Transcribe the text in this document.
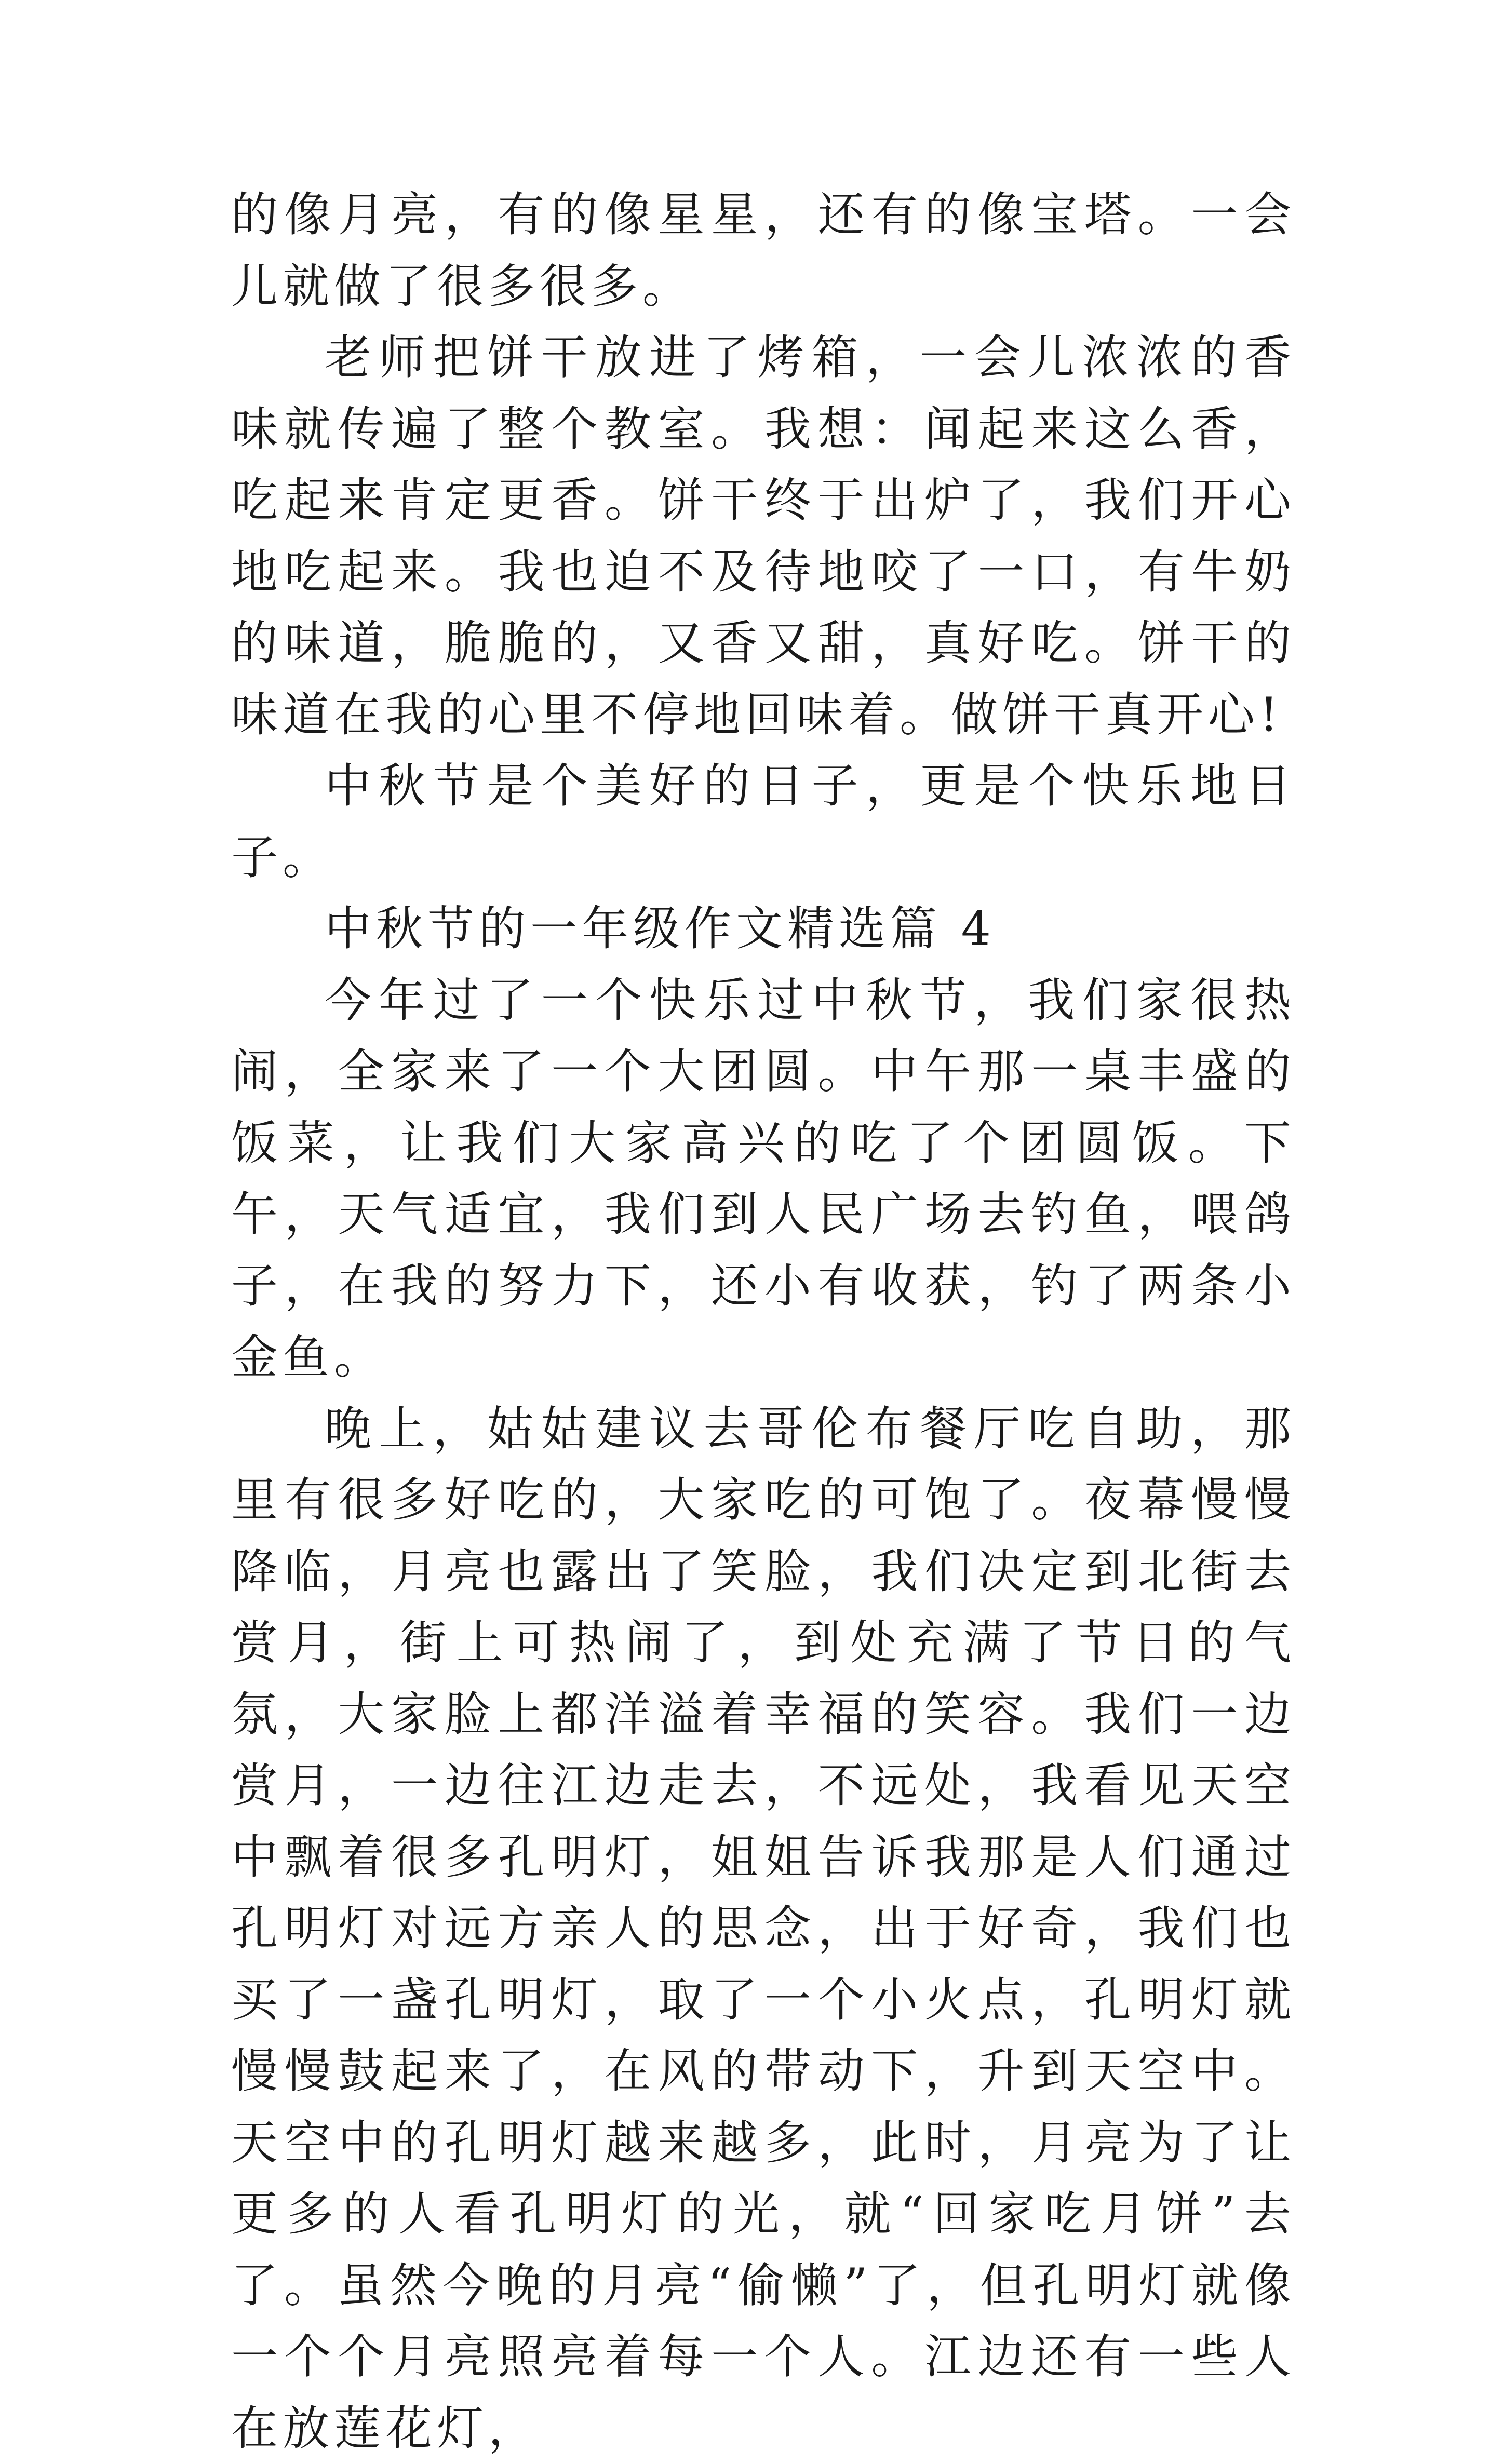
的像月亮，有的像星星，还有的像宝塔。一会儿就做了很多很多。

老师把饼干放进了烤箱，一会儿浓浓的香味就传遍了整个教室。我想：闻起来这么香，吃起来肯定更香。饼干终于出炉了，我们开心地吃起来。我也迫不及待地咬了一口，有牛奶的味道，脆脆的，又香又甜，真好吃。饼干的味道在我的心里不停地回味着。做饼干真开心!

中秋节是个美好的日子，更是个快乐地日子。

中秋节的一年级作文精选篇 4

今年过了一个快乐过中秋节，我们家很热闹，全家来了一个大团圆。中午那一桌丰盛的饭菜，让我们大家高兴的吃了个团圆饭。下午，天气适宜，我们到人民广场去钓鱼，喂鸽子，在我的努力下，还小有收获，钓了两条小金鱼。

晚上，姑姑建议去哥伦布餐厅吃自助，那里有很多好吃的，大家吃的可饱了。夜幕慢慢降临，月亮也露出了笑脸，我们决定到北街去赏月，街上可热闹了，到处充满了节日的气氛，大家脸上都洋溢着幸福的笑容。我们一边赏月，一边往江边走去，不远处，我看见天空中飘着很多孔明灯，姐姐告诉我那是人们通过孔明灯对远方亲人的思念，出于好奇，我们也买了一盏孔明灯，取了一个小火点，孔明灯就慢慢鼓起来了，在风的带动下，升到天空中。天空中的孔明灯越来越多，此时，月亮为了让更多的人看孔明灯的光，就“回家吃月饼”去了。虽然今晚的月亮“偷懒”了，但孔明灯就像一个个月亮照亮着每一个人。江边还有一些人在放莲花灯，
